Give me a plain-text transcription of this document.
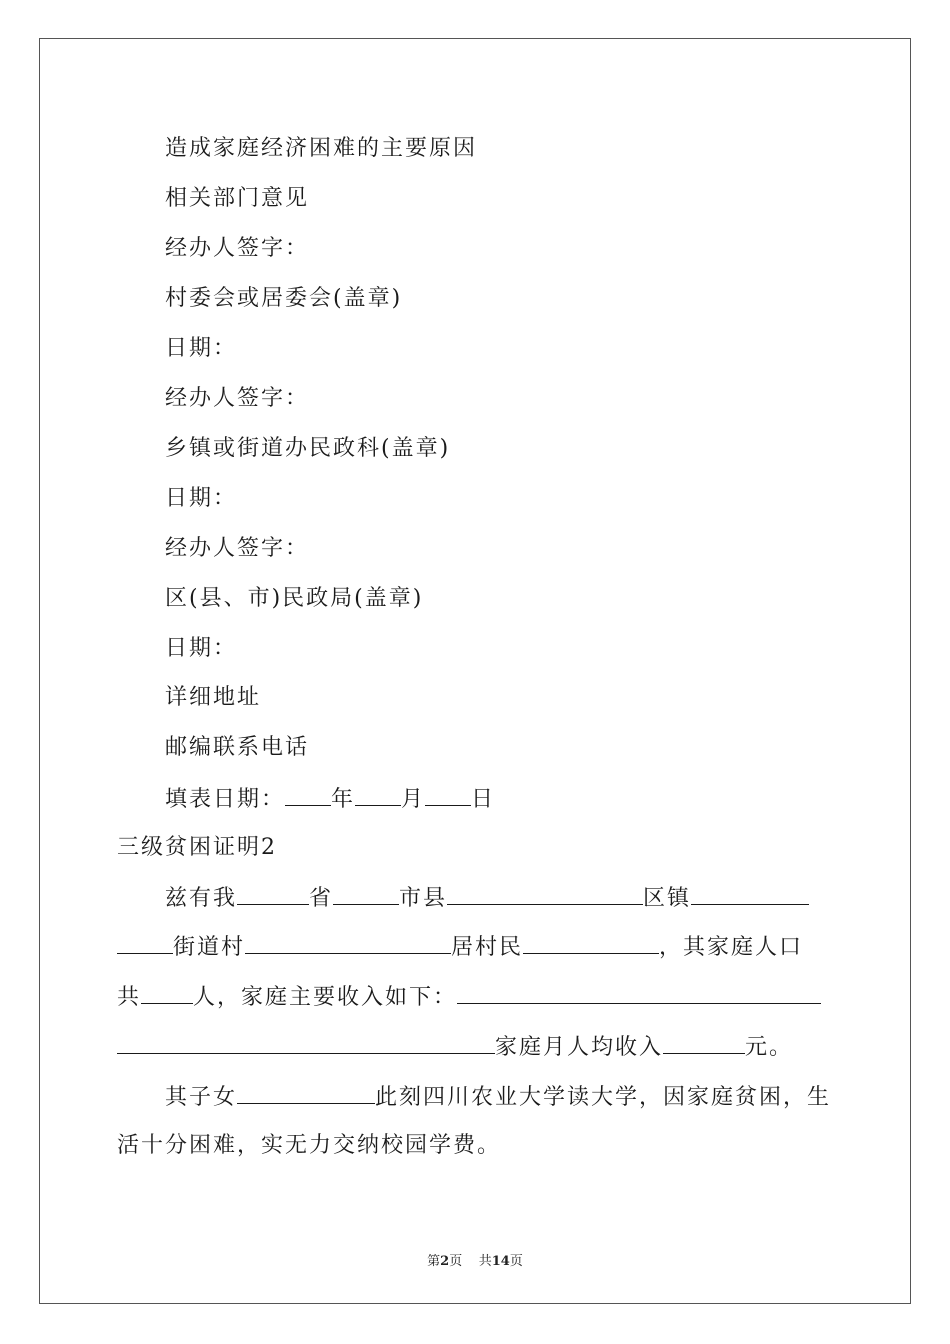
造成家庭经济困难的主要原因
相关部门意见
经办人签字：
村委会或居委会(盖章)
日期：
经办人签字：
乡镇或街道办民政科(盖章)
日期：
经办人签字：
区(县、市)民政局(盖章)
日期：
详细地址
邮编联系电话
填表日期： 年 月 日
三级贫困证明2
兹有我	省	市县	区镇
街道村	居村民	，其家庭人口
共 人，家庭主要收入如下：
家庭月人均收入	元。
其子女	此刻四川农业大学读大学，因家庭贫困，生
活十分困难，实无力交纳校园学费。
第2页 共14页
